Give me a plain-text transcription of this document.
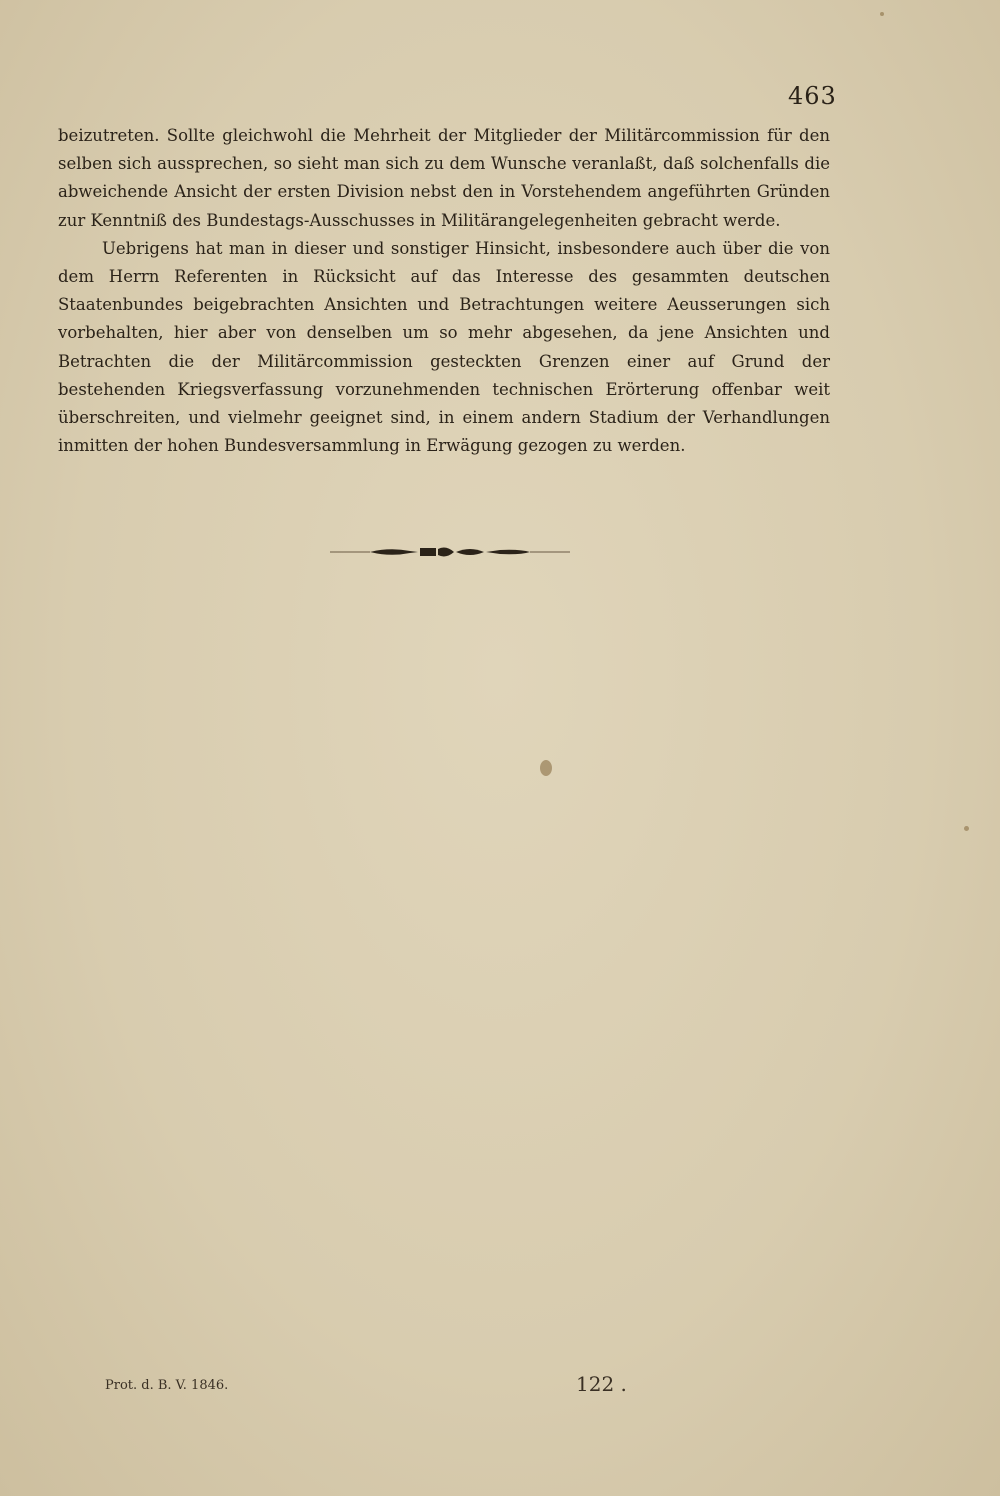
463

beizutreten. Sollte gleichwohl die Mehrheit der Mitglieder der Militärcommission für den selben sich aussprechen, so sieht man sich zu dem Wunsche veranlaßt, daß solchenfalls die abweichende Ansicht der ersten Division nebst den in Vorstehendem angeführten Gründen zur Kenntniß des Bundestags-Ausschusses in Militärangelegenheiten gebracht werde.

Uebrigens hat man in dieser und sonstiger Hinsicht, insbesondere auch über die von dem Herrn Referenten in Rücksicht auf das Interesse des gesammten deutschen Staatenbundes beigebrachten Ansichten und Betrachtungen weitere Aeusserungen sich vorbehalten, hier aber von denselben um so mehr abgesehen, da jene Ansichten und Betrachten die der Militärcommission gesteckten Grenzen einer auf Grund der bestehenden Kriegsverfassung vorzunehmenden technischen Erörterung offenbar weit überschreiten, und vielmehr geeignet sind, in einem andern Stadium der Verhandlungen inmitten der hohen Bundesversammlung in Erwägung gezogen zu werden.

Prot. d. B. V. 1846.	122 .
